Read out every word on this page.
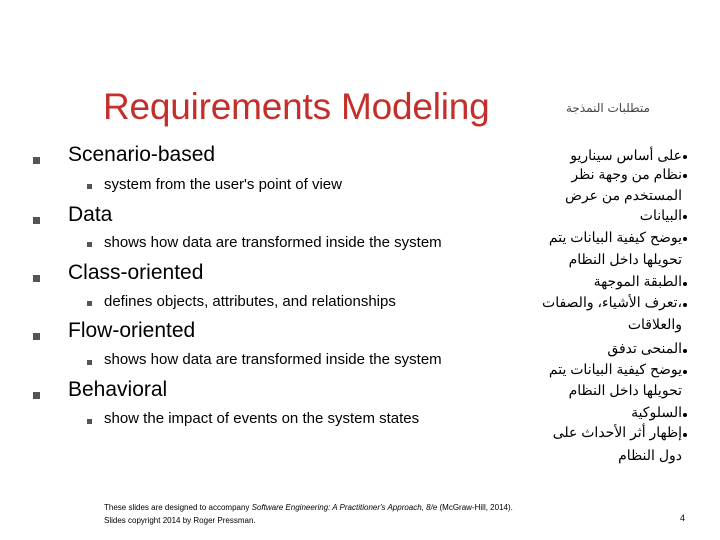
Requirements Modeling	متطلبات النمذجة
Scenario-based
system from the user's point of view
Data
shows how data are transformed inside the system
Class-oriented
defines objects, attributes, and relationships
Flow-oriented
shows how data are transformed inside the system
Behavioral
show the impact of events on the system states
على أساس سيناريو
نظام من وجهة نظر
المستخدم من عرض
البيانات
يوضح كيفية البيانات يتم
تحويلها داخل النظام
الطبقة الموجهة
تعرف الأشياء، والصفات،
والعلاقات
المنحى تدفق
يوضح كيفية البيانات يتم
تحويلها داخل النظام
السلوكية
إظهار أثر الأحداث على
دول النظام
These slides are designed to accompany Software Engineering: A Practitioner's Approach, 8/e (McGraw-Hill, 2014). Slides copyright 2014 by Roger Pressman.	4
